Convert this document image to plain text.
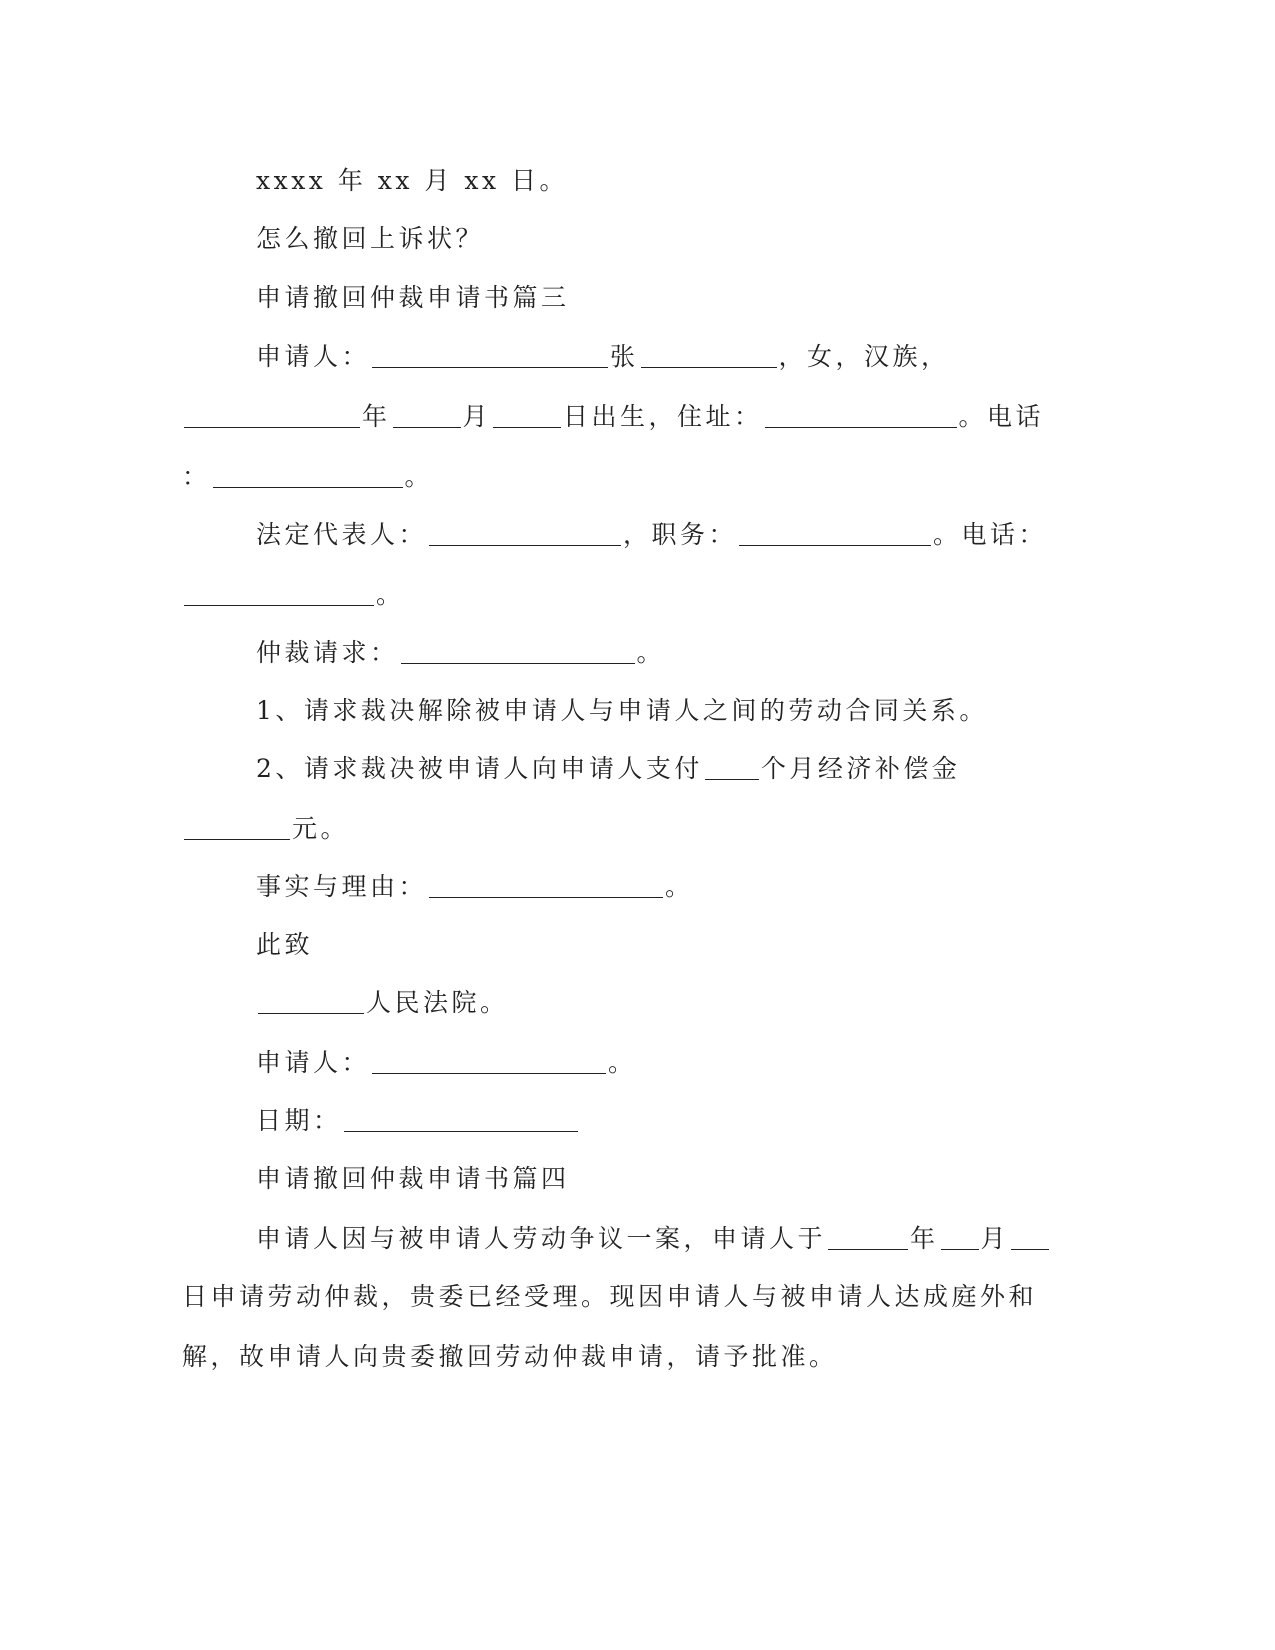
xxxx 年 xx 月 xx 日。
怎么撤回上诉状？
申请撤回仲裁申请书篇三
申请人：	张	，女，汉族，
年	月	日出生，住址：	。电话
：	。
法定代表人：	，职务：	。电话：
。
仲裁请求：	。
1、请求裁决解除被申请人与申请人之间的劳动合同关系。
2、请求裁决被申请人向申请人支付 个月经济补偿金
元。
事实与理由：	。
此致
人民法院。
申请人：	。
日期：
申请撤回仲裁申请书篇四
申请人因与被申请人劳动争议一案，申请人于	年 月
日申请劳动仲裁，贵委已经受理。现因申请人与被申请人达成庭外和
解，故申请人向贵委撤回劳动仲裁申请，请予批准。
